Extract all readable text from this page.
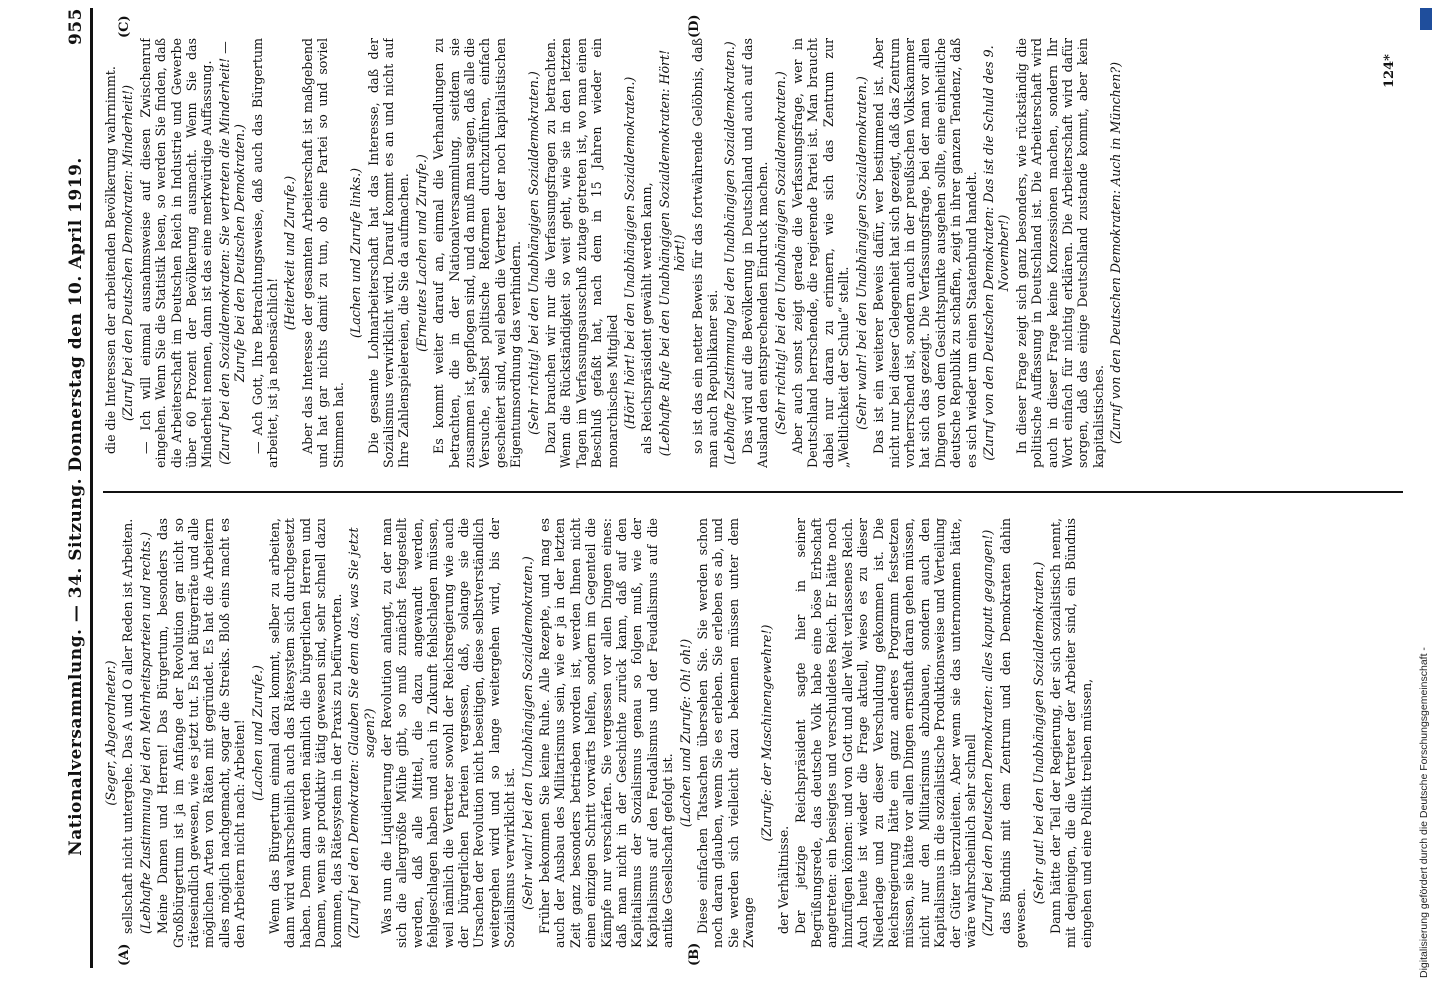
Nationalversammlung. — 34. Sitzung. Donnerstag den 10. April 1919.
955

(Seger, Abgeordneter.) sellschaft nicht untergehe. Das A und O aller Reden ist Arbeiten. (Lebhafte Zustimmung bei den Mehrheitsparteien und rechts.) Meine Damen und Herren! Das Bürgertum, besonders das Großbürgertum ist ja im Anfange der Revolution gar nicht so räteseindlich gewesen, wie es jetzt tut. Es hat Bürgerräte und alle möglichen Arten von Räten mit gegründet. Es hat die Arbeitern alles möglich nachgemacht, sogar die Streiks. Bloß eins macht es den Arbeitern nicht nach: Arbeiten! (Lachen und Zurufe.) Wenn das Bürgertum einmal dazu kommt, selber zu arbeiten, dann wird wahrscheinlich auch das Rätesystem sich durchgesetzt haben. Denn dann werden nämlich die bürgerlichen Herren und Damen, wenn sie produktiv tätig gewesen sind, sehr schnell dazu kommen, das Rätesystem in der Praxis zu befürworten. (Zuruf bei den Demokraten: Glauben Sie denn das, was Sie jetzt sagen?) Was nun die Liquidierung der Revolution anlangt, zu der man sich die allergrößte Mühe gibt, so muß zunächst festgestellt werden, daß alle Mittel, die dazu angewandt werden, fehlgeschlagen haben und auch in Zukunft fehlschlagen müssen, weil nämlich die Vertreter sowohl der Reichsregierung wie auch der bürgerlichen Parteien vergessen, daß, solange sie die Ursachen der Revolution nicht beseitigen, diese selbstverständlich weitergehen wird und so lange weitergehen wird, bis der Sozialismus verwirklicht ist. (Sehr wahr! bei den Unabhängigen Sozialdemokraten.) Früher bekommen Sie keine Ruhe. Alle Rezepte, und mag es auch der Ausbau des Militarismus sein, wie er ja in der letzten Zeit ganz besonders betrieben worden ist, werden Ihnen nicht einen einzigen Schritt vorwärts helfen, sondern im Gegenteil die Kämpfe nur verschärfen. Sie vergessen vor allen Dingen eines: daß man nicht in der Geschichte zurück kann, daß auf den Kapitalismus der Sozialismus genau so folgen muß, wie der Kapitalismus auf den Feudalismus und der Feudalismus auf die antike Gesellschaft gefolgt ist.

(Lachen und Zurufe: Oh! oh!) Diese einfachen Tatsachen übersehen Sie. Sie werden schon noch daran glauben, wenn Sie es erleben. Sie erleben es ab, und Sie werden sich vielleicht dazu bekennen müssen unter dem Zwange

(Zurufe: der Maschinengewehre!)

der Verhältnisse. Der jetzige Reichspräsident sagte hier in seiner Begrüßungsrede, das deutsche Volk habe eine böse Erbschaft angetreten: ein besiegtes und verschuldetes Reich. Er hätte noch hinzufügen können: und von Gott und aller Welt verlassenes Reich. Auch heute ist wieder die Frage aktuell, wieso es zu dieser Niederlage und zu dieser Verschuldung gekommen ist. Die Reichsregierung hätte ein ganz anderes Programm festsetzen müssen, sie hätte vor allen Dingen ernsthaft daran gehen müssen, nicht nur den Militarismus abzubauen, sondern auch den Kapitalismus in die sozialistische Produktionsweise und Verteilung der Güter überzuleiten. Aber wenn sie das unternommen hätte, wäre wahrscheinlich sehr schnell (Zuruf bei den Deutschen Demokraten: alles kaputt gegangen!) das Bündnis mit dem Zentrum und den Demokraten dahin gewesen.

(Sehr gut! bei den Unabhängigen Sozialdemokraten.) Dann hätte der Teil der Regierung, der sich sozialistisch nennt, mit denjenigen, die die Vertreter der Arbeiter sind, ein Bündnis eingehen und eine Politik treiben müssen,

die die Interessen der arbeitenden Bevölkerung wahrnimmt. (Zuruf bei den Deutschen Demokraten: Minderheit!) — Ich will einmal ausnahmsweise auf diesen Zwischenruf eingehen. Wenn Sie die Statistik lesen, so werden Sie finden, daß die Arbeiterschaft im Deutschen Reich in Industrie und Gewerbe über 60 Prozent der Bevölkerung ausmacht. Wenn Sie das Minderheit nennen, dann ist das eine merkwürdige Auffassung. (Zuruf bei den Sozialdemokraten: Sie vertreten die Minderheit! — Zurufe bei den Deutschen Demokraten.) — Ach Gott, Ihre Betrachtungsweise, daß auch das Bürgertum arbeitet, ist ja nebensächlich!

(Heiterkeit und Zurufe.) Aber das Interesse der gesamten Arbeiterschaft ist maßgebend und hat gar nichts damit zu tun, ob eine Partei so und soviel Stimmen hat.

(Lachen und Zurufe links.) Die gesamte Lohnarbeiterschaft hat das Interesse, daß der Sozialismus verwirklicht wird. Darauf kommt es an und nicht auf Ihre Zahlenspielereien, die Sie da aufmachen. (Erneutes Lachen und Zurufe.) Es kommt weiter darauf an, einmal die Verhandlungen zu betrachten, die in der Nationalversammlung, seitdem sie zusammen ist, gepflogen sind, und da muß man sagen, daß alle die Versuche, selbst politische Reformen durchzuführen, einfach gescheitert sind, weil eben die Vertreter der noch kapitalistischen Eigentumsordnung das verhindern. (Sehr richtig! bei den Unabhängigen Sozialdemokraten.) Dazu brauchen wir nur die Verfassungsfragen zu betrachten. Wenn die Rückständigkeit so weit geht, wie sie in den letzten Tagen im Verfassungsausschuß zutage getreten ist, wo man einen Beschluß gefaßt hat, nach dem in 15 Jahren wieder ein monarchisches Mitglied (Hört! hört! bei den Unabhängigen Sozialdemokraten.) als Reichspräsident gewählt werden kann, (Lebhafte Rufe bei den Unabhängigen Sozialdemokraten: Hört! hört!) so ist das ein netter Beweis für das fortwährende Gelöbnis, daß man auch Republikaner sei. (Lebhafte Zustimmung bei den Unabhängigen Sozialdemokraten.) Das wird auf die Bevölkerung in Deutschland und auch auf das Ausland den entsprechenden Eindruck machen. (Sehr richtig! bei den Unabhängigen Sozialdemokraten.) Aber auch sonst zeigt gerade die Verfassungsfrage, wer in Deutschland herrschende, die regierende Partei ist. Man braucht dabei nur daran zu erinnern, wie sich das Zentrum zur „Weltlichkeit der Schule“ stellt. (Sehr wahr! bei den Unabhängigen Sozialdemokraten.) Das ist ein weiterer Beweis dafür, wer bestimmend ist. Aber nicht nur bei dieser Gelegenheit hat sich gezeigt, daß das Zentrum vorherrschend ist, sondern auch in der preußischen Volkskammer hat sich das gezeigt. Die Verfassungsfrage, bei der man vor allen Dingen von dem Gesichtspunkte ausgehen sollte, eine einheitliche deutsche Republik zu schaffen, zeigt in ihrer ganzen Tendenz, daß es sich wieder um einen Staatenbund handelt. (Zuruf von den Deutschen Demokraten: Das ist die Schuld des 9. November!) In dieser Frage zeigt sich ganz besonders, wie rückständig die politische Auffassung in Deutschland ist. Die Arbeiterschaft wird auch in dieser Frage keine Konzessionen machen, sondern Ihr Wort einfach für nichtig erklären. Die Arbeiterschaft wird dafür sorgen, daß das einige Deutschland zustande kommt, aber kein kapitalistisches. (Zuruf von den Deutschen Demokraten: Auch in München?)

(A)	(B)
(C)	(D)
124*
Digitalisierung gefördert durch die Deutsche Forschungsgemeinschaft -
